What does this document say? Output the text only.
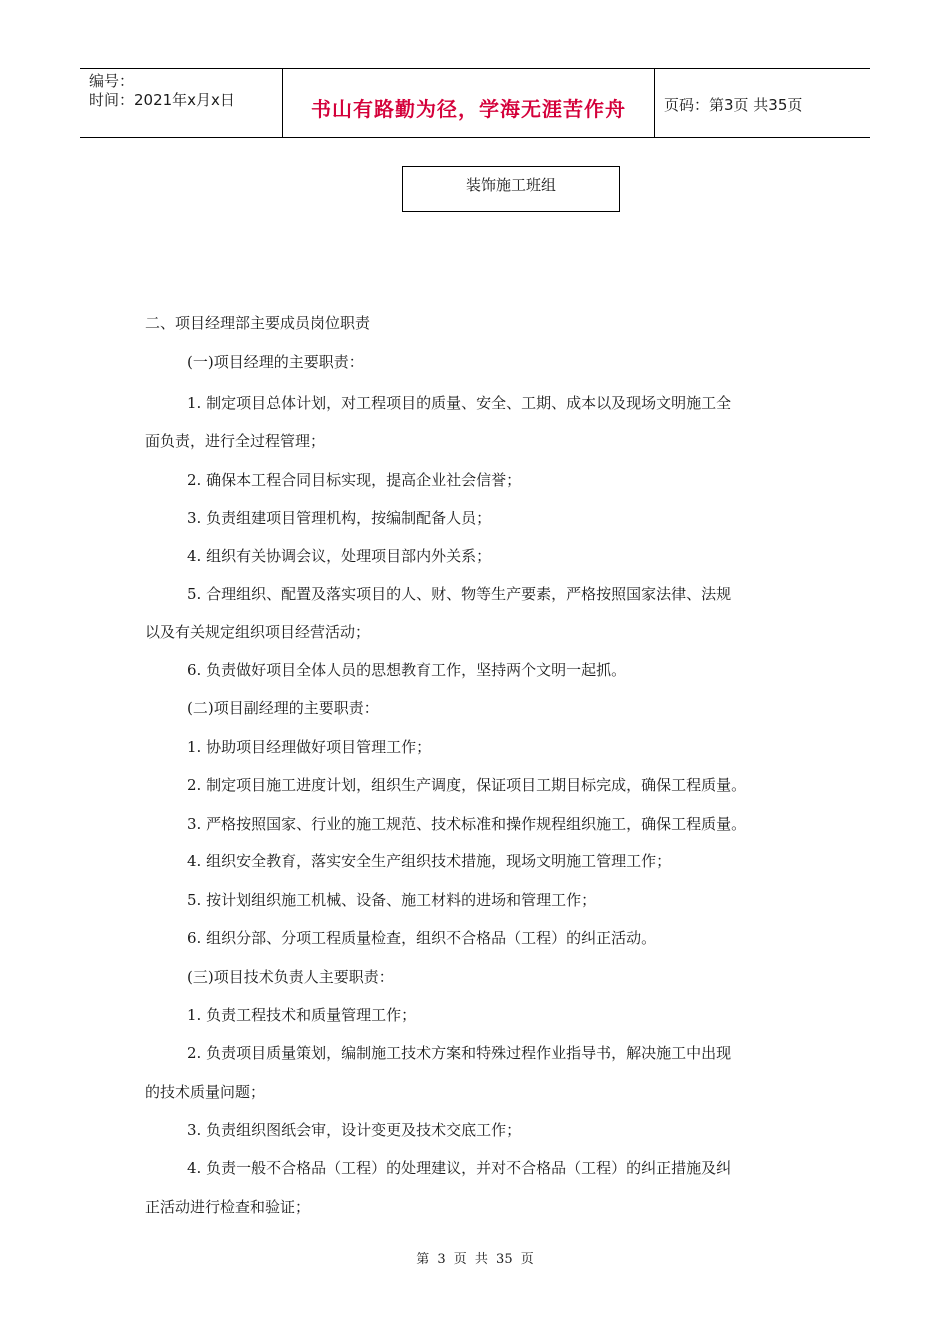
编号：
时间：2021年x月x日	书山有路勤为径，学海无涯苦作舟	页码：第3页 共35页
装饰施工班组
二、项目经理部主要成员岗位职责
(一)项目经理的主要职责：
1. 制定项目总体计划，对工程项目的质量、安全、工期、成本以及现场文明施工全
面负责，进行全过程管理；
2. 确保本工程合同目标实现，提高企业社会信誉；
3. 负责组建项目管理机构，按编制配备人员；
4. 组织有关协调会议，处理项目部内外关系；
5. 合理组织、配置及落实项目的人、财、物等生产要素，严格按照国家法律、法规
以及有关规定组织项目经营活动；
6. 负责做好项目全体人员的思想教育工作，坚持两个文明一起抓。
(二)项目副经理的主要职责：
1. 协助项目经理做好项目管理工作；
2. 制定项目施工进度计划，组织生产调度，保证项目工期目标完成，确保工程质量。
3. 严格按照国家、行业的施工规范、技术标准和操作规程组织施工，确保工程质量。
4. 组织安全教育，落实安全生产组织技术措施，现场文明施工管理工作；
5. 按计划组织施工机械、设备、施工材料的进场和管理工作；
6. 组织分部、分项工程质量检查，组织不合格品（工程）的纠正活动。
(三)项目技术负责人主要职责：
1. 负责工程技术和质量管理工作；
2. 负责项目质量策划，编制施工技术方案和特殊过程作业指导书，解决施工中出现
的技术质量问题；
3. 负责组织图纸会审，设计变更及技术交底工作；
4. 负责一般不合格品（工程）的处理建议，并对不合格品（工程）的纠正措施及纠
正活动进行检查和验证；
第 3 页 共 35 页
